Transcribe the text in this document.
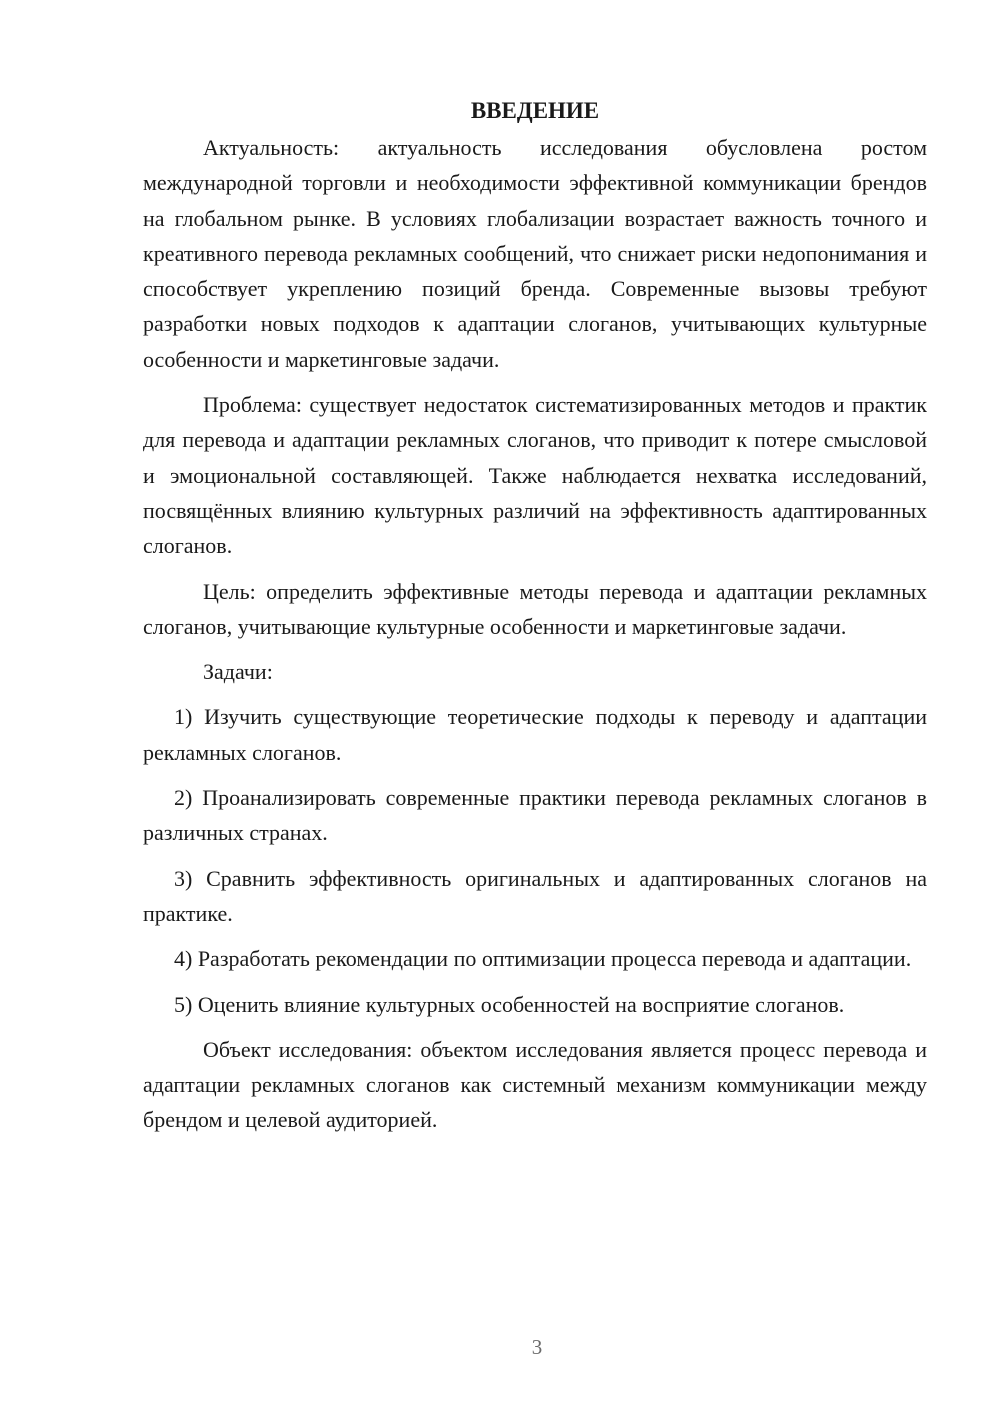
ВВЕДЕНИЕ

Актуальность: актуальность исследования обусловлена ростом международной торговли и необходимости эффективной коммуникации брендов на глобальном рынке. В условиях глобализации возрастает важность точного и креативного перевода рекламных сообщений, что снижает риски недопонимания и способствует укреплению позиций бренда. Современные вызовы требуют разработки новых подходов к адаптации слоганов, учитывающих культурные особенности и маркетинговые задачи.

Проблема: существует недостаток систематизированных методов и практик для перевода и адаптации рекламных слоганов, что приводит к потере смысловой и эмоциональной составляющей. Также наблюдается нехватка исследований, посвящённых влиянию культурных различий на эффективность адаптированных слоганов.

Цель: определить эффективные методы перевода и адаптации рекламных слоганов, учитывающие культурные особенности и маркетинговые задачи.

Задачи:

1) Изучить существующие теоретические подходы к переводу и адаптации рекламных слоганов.

2) Проанализировать современные практики перевода рекламных слоганов в различных странах.

3) Сравнить эффективность оригинальных и адаптированных слоганов на практике.

4) Разработать рекомендации по оптимизации процесса перевода и адаптации.

5) Оценить влияние культурных особенностей на восприятие слоганов.

Объект исследования: объектом исследования является процесс перевода и адаптации рекламных слоганов как системный механизм коммуникации между брендом и целевой аудиторией.

3
